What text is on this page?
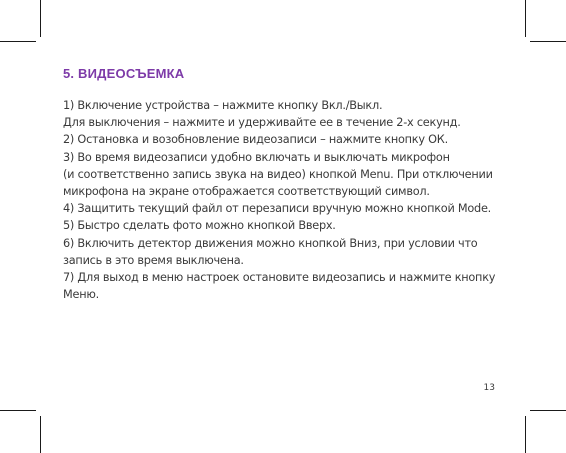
5. ВИДЕОСЪЕМКА
1) Включение устройства – нажмите кнопку Вкл./Выкл.
Для выключения – нажмите и удерживайте ее в течение 2-х секунд.
2) Остановка и возобновление видеозаписи – нажмите кнопку ОК.
3) Во время видеозаписи удобно включать и выключать микрофон
(и соответственно запись звука на видео) кнопкой Menu. При отключении
микрофона на экране отображается соответствующий символ.
4) Защитить текущий файл от перезаписи вручную можно кнопкой Mode.
5) Быстро сделать фото можно кнопкой Вверх.
6) Включить детектор движения можно кнопкой Вниз, при условии что
запись в это время выключена.
7) Для выход в меню настроек остановите видеозапись и нажмите кнопку
Меню.
13
